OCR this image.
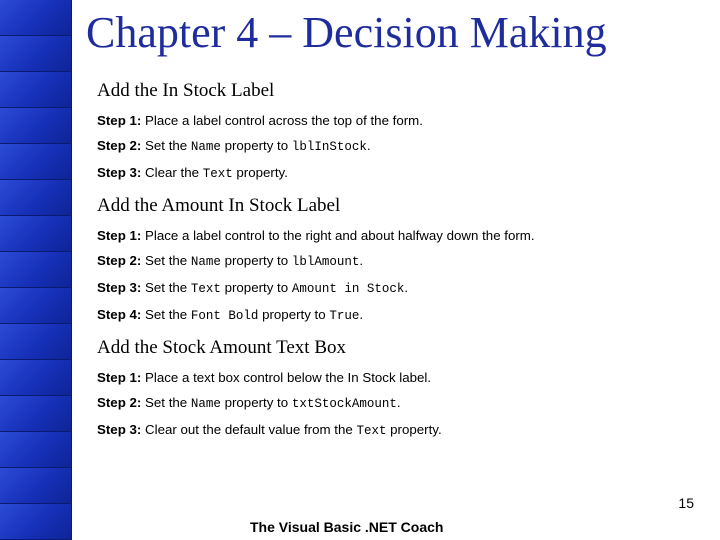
Chapter 4 – Decision Making
Add the In Stock Label

Step 1: Place a label control across the top of the form.

Step 2: Set the Name property to lblInStock.

Step 3: Clear the Text property.

Add the Amount In Stock Label

Step 1: Place a label control to the right and about halfway down the form.

Step 2: Set the Name property to lblAmount.

Step 3: Set the Text property to Amount in Stock.

Step 4: Set the Font Bold property to True.

Add the Stock Amount Text Box

Step 1: Place a text box control below the In Stock label.

Step 2: Set the Name property to txtStockAmount.

Step 3: Clear out the default value from the Text property.

15
The Visual Basic .NET Coach
